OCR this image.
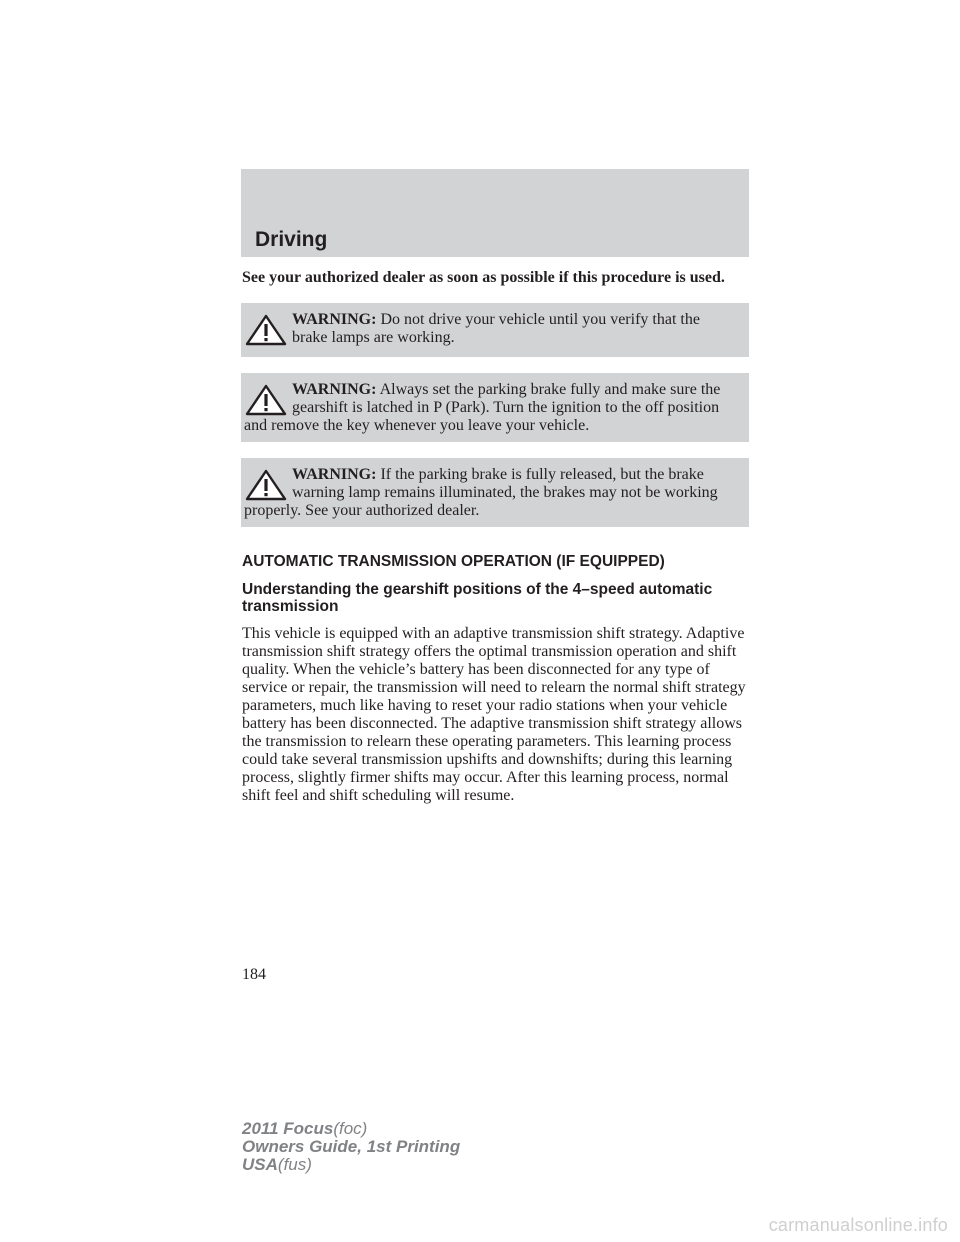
Driving

See your authorized dealer as soon as possible if this procedure is used.

WARNING: Do not drive your vehicle until you verify that the brake lamps are working.
WARNING: Always set the parking brake fully and make sure the gearshift is latched in P (Park). Turn the ignition to the off position and remove the key whenever you leave your vehicle.
WARNING: If the parking brake is fully released, but the brake warning lamp remains illuminated, the brakes may not be working properly. See your authorized dealer.
AUTOMATIC TRANSMISSION OPERATION (IF EQUIPPED)
Understanding the gearshift positions of the 4–speed automatic transmission

This vehicle is equipped with an adaptive transmission shift strategy. Adaptive transmission shift strategy offers the optimal transmission operation and shift quality. When the vehicle’s battery has been disconnected for any type of service or repair, the transmission will need to relearn the normal shift strategy parameters, much like having to reset your radio stations when your vehicle battery has been disconnected. The adaptive transmission shift strategy allows the transmission to relearn these operating parameters. This learning process could take several transmission upshifts and downshifts; during this learning process, slightly firmer shifts may occur. After this learning process, normal shift feel and shift scheduling will resume.

184

2011 Focus(foc)
Owners Guide, 1st Printing
USA(fus)
carmanualsonline.info
